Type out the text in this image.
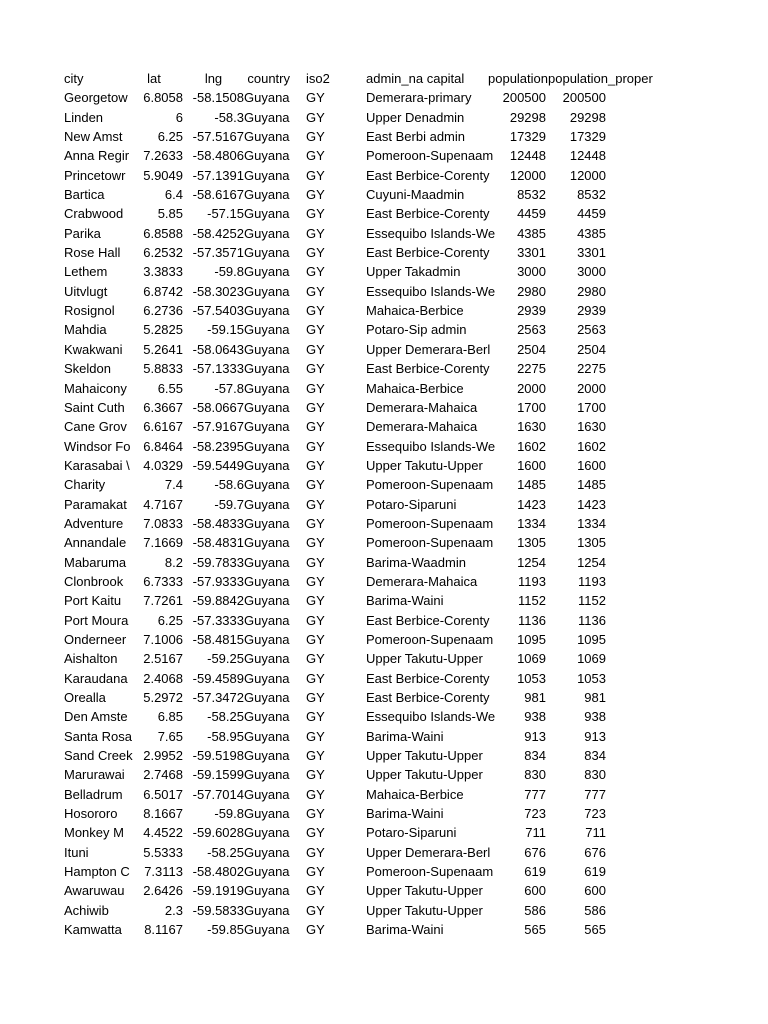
city	lat	lng	country iso2	admin_na capital	population population_proper
Georgetow	6.8058 -58.1508 Guyana GY	Demerara-primary	200500	200500
Linden	6	-58.3 Guyana GY	Upper Denadmin	29298	29298
New Amst	6.25 -57.5167 Guyana GY	East Berbi admin	17329	17329
Anna Regir	7.2633 -58.4806 Guyana GY	Pomeroon-Supenaam	12448	12448
Princetowr	5.9049 -57.1391 Guyana GY	East Berbice-Corenty	12000	12000
Bartica	6.4 -58.6167 Guyana GY	Cuyuni-Maadmin	8532	8532
Crabwood	5.85	-57.15 Guyana GY	East Berbice-Corenty	4459	4459
Parika	6.8588 -58.4252 Guyana GY	Essequibo Islands-We	4385	4385
Rose Hall	6.2532 -57.3571 Guyana GY	East Berbice-Corenty	3301	3301
Lethem	3.3833	-59.8 Guyana GY	Upper Takadmin	3000	3000
Uitvlugt	6.8742 -58.3023 Guyana GY	Essequibo Islands-We	2980	2980
Rosignol	6.2736 -57.5403 Guyana GY	Mahaica-Berbice	2939	2939
Mahdia	5.2825	-59.15 Guyana GY	Potaro-Sip admin	2563	2563
Kwakwani	5.2641 -58.0643 Guyana GY	Upper Demerara-Berl	2504	2504
Skeldon	5.8833 -57.1333 Guyana GY	East Berbice-Corenty	2275	2275
Mahaicony	6.55	-57.8 Guyana GY	Mahaica-Berbice	2000	2000
Saint Cuth	6.3667 -58.0667 Guyana GY	Demerara-Mahaica	1700	1700
Cane Grov	6.6167 -57.9167 Guyana GY	Demerara-Mahaica	1630	1630
Windsor Fo 6.8464 -58.2395 Guyana GY	Essequibo Islands-We	1602	1602
Karasabai \	4.0329 -59.5449 Guyana GY	Upper Takutu-Upper	1600	1600
Charity	7.4	-58.6 Guyana GY	Pomeroon-Supenaam	1485	1485
Paramakat	4.7167	-59.7 Guyana GY	Potaro-Siparuni	1423	1423
Adventure	7.0833 -58.4833 Guyana GY	Pomeroon-Supenaam	1334	1334
Annandale	7.1669 -58.4831 Guyana GY	Pomeroon-Supenaam	1305	1305
Mabaruma	8.2 -59.7833 Guyana GY	Barima-Waadmin	1254	1254
Clonbrook	6.7333 -57.9333 Guyana GY	Demerara-Mahaica	1193	1193
Port Kaitu	7.7261 -59.8842 Guyana GY	Barima-Waini	1152	1152
Port Moura	6.25 -57.3333 Guyana GY	East Berbice-Corenty	1136	1136
Onderneer	7.1006 -58.4815 Guyana GY	Pomeroon-Supenaam	1095	1095
Aishalton	2.5167	-59.25 Guyana GY	Upper Takutu-Upper	1069	1069
Karaudana	2.4068 -59.4589 Guyana GY	East Berbice-Corenty	1053	1053
Orealla	5.2972 -57.3472 Guyana GY	East Berbice-Corenty	981	981
Den Amste	6.85	-58.25 Guyana GY	Essequibo Islands-We	938	938
Santa Rosa	7.65	-58.95 Guyana GY	Barima-Waini	913	913
Sand Creek 2.9952 -59.5198 Guyana GY	Upper Takutu-Upper	834	834
Marurawai	2.7468 -59.1599 Guyana GY	Upper Takutu-Upper	830	830
Belladrum	6.5017 -57.7014 Guyana GY	Mahaica-Berbice	777	777
Hosororo	8.1667	-59.8 Guyana GY	Barima-Waini	723	723
Monkey M	4.4522 -59.6028 Guyana GY	Potaro-Siparuni	711	711
Ituni	5.5333	-58.25 Guyana GY	Upper Demerara-Berl	676	676
Hampton C	7.3113 -58.4802 Guyana GY	Pomeroon-Supenaam	619	619
Awaruwau	2.6426 -59.1919 Guyana GY	Upper Takutu-Upper	600	600
Achiwib	2.3 -59.5833 Guyana GY	Upper Takutu-Upper	586	586
Kamwatta	8.1167	-59.85 Guyana GY	Barima-Waini	565	565
